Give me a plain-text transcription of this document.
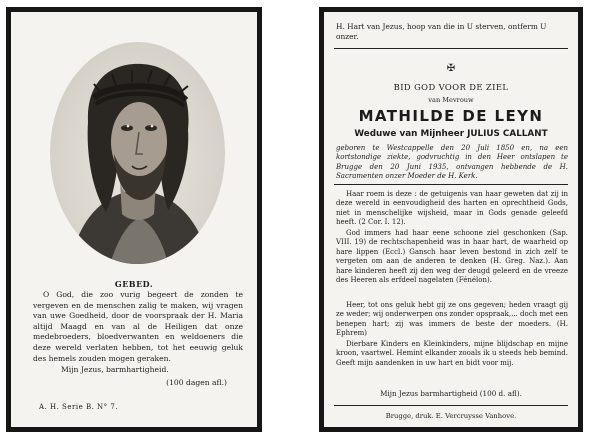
GEBED.

O God, die zoo vurig begeert de zonden te vergeven en de menschen zalig te maken, wij vragen van uwe Goedheid, door de voorspraak der H. Maria altijd Maagd en van al de Heiligen dat onze medebroeders, bloedverwanten en weldoeners die deze wereld verlaten hebben, tot het eeuwig geluk des hemels zouden mogen geraken.

Mijn Jezus, barmhartigheid.
(100 dagen afl.)
A. H. Serie B. N° 7.
H. Hart van Jezus, hoop van die in U sterven, ontferm U onzer.
✠
BID GOD VOOR DE ZIEL
van Mevrouw
MATHILDE DE LEYN
Weduwe van Mijnheer JULIUS CALLANT
geboren te Westcappelle den 20 Juli 1850 en, na een kortstondige ziekte, godvruchtig in den Heer ontslapen te Brugge den 20 Juni 1935, ontvangen hebbende de H. Sacramenten onzer Moeder de H. Kerk.

Haar roem is deze : de getuigenis van haar geweten dat zij in deze wereld in eenvoudigheid des harten en oprechtheid Gods, niet in menschelijke wijsheid, maar in Gods genade geleefd heeft. (2 Cor. I. 12).

God immers had haar eene schoone ziel geschonken (Sap. VIII. 19) de rechtschapenheid was in haar hart, de waarheid op hare lippen (Eccl.) Gansch haar leven bestond in zich zelf te vergeten om aan de anderen te denken (H. Greg. Naz.). Aan hare kinderen heeft zij den weg der deugd geleerd en de vreeze des Heeren als erfdeel nagelaten (Fénélon).

Heer, tot ons geluk hebt gij ze ons gegeven; heden vraagt gij ze weder; wij onderwerpen ons zonder opspraak,... doch met een benepen hart; zij was immers de beste der moeders. (H. Ephrem)

Dierbare Kinders en Kleinkinders, mijne blijdschap en mijne kroon, vaartwel. Hemint elkander zooals ik u steeds heb bemind. Geeft mijn aandenken in uw hart en bidt voor mij.

Mijn Jezus barmhartigheid (100 d. afl).
Brugge, druk. E. Vercruysse Vanhove.
